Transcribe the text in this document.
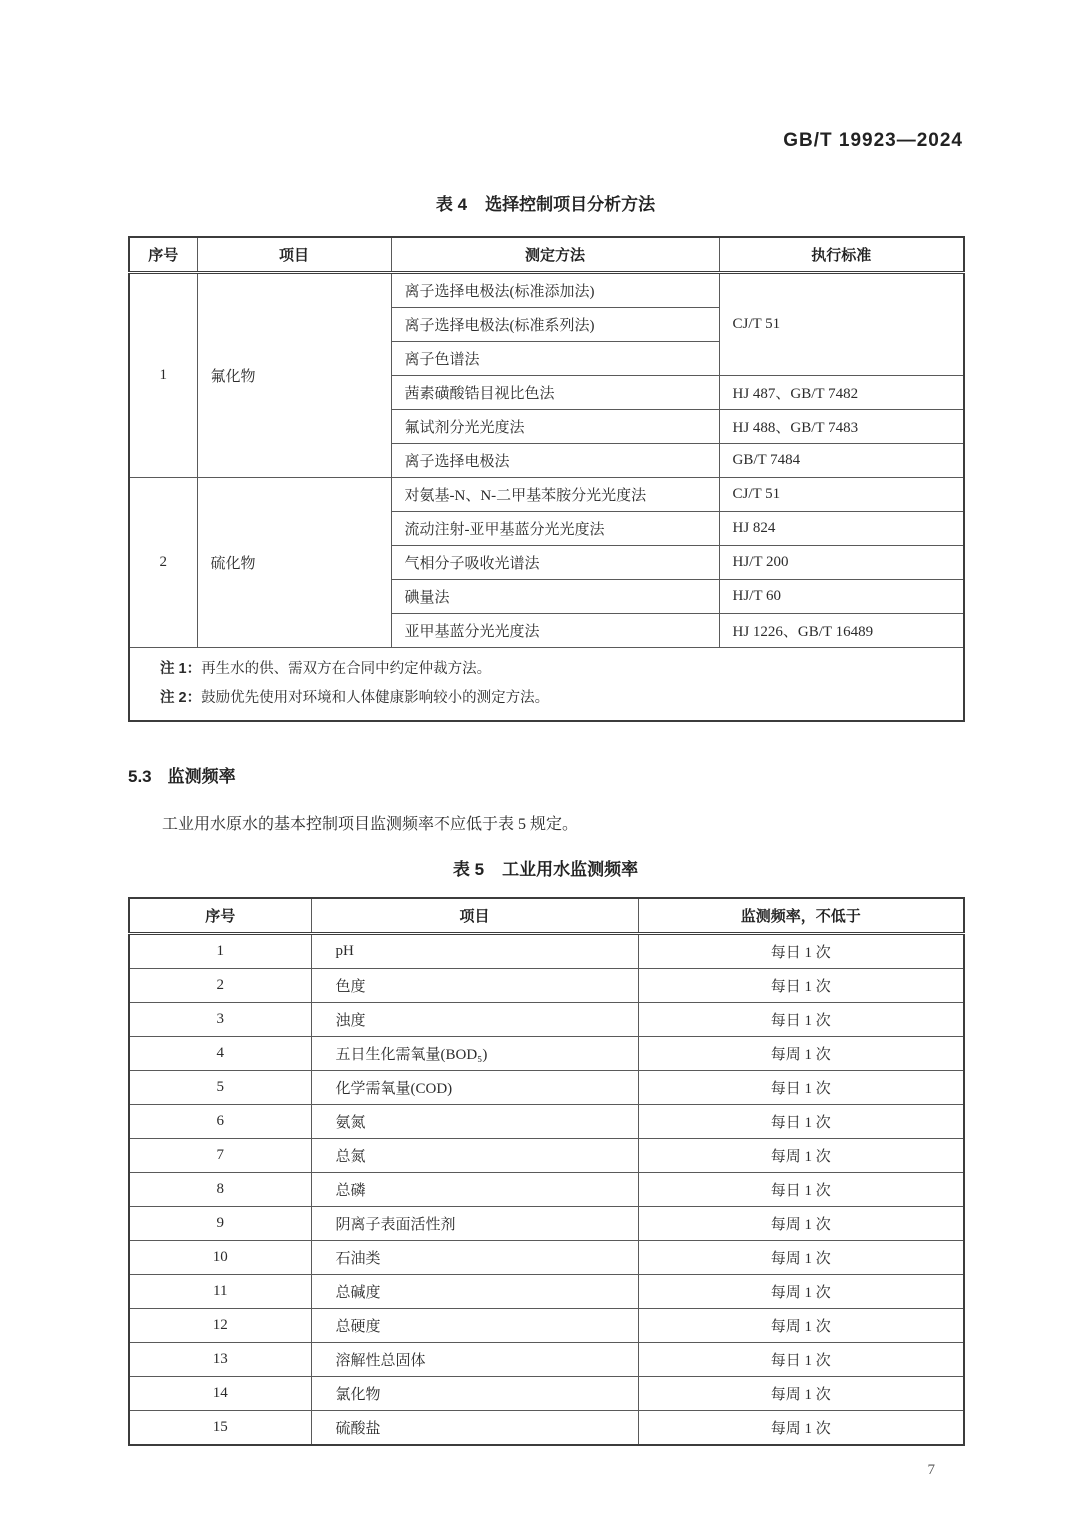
GB/T 19923—2024
表 4 选择控制项目分析方法
序号	项目	测定方法	执行标准
1	氟化物	离子选择电极法(标准添加法)	CJ/T 51
		离子选择电极法(标准系列法)	
		离子色谱法	
		茜素磺酸锆目视比色法	HJ 487、GB/T 7482
		氟试剂分光光度法	HJ 488、GB/T 7483
		离子选择电极法	GB/T 7484
2	硫化物	对氨基-N、N-二甲基苯胺分光光度法	CJ/T 51
		流动注射-亚甲基蓝分光光度法	HJ 824
		气相分子吸收光谱法	HJ/T 200
		碘量法	HJ/T 60
		亚甲基蓝分光光度法	HJ 1226、GB/T 16489

注 1：再生水的供、需双方在合同中约定仲裁方法。
注 2：鼓励优先使用对环境和人体健康影响较小的测定方法。			
5.3 监测频率
工业用水原水的基本控制项目监测频率不应低于表 5 规定。
表 5 工业用水监测频率
序号	项目	监测频率，不低于
1	pH	每日 1 次
2	色度	每日 1 次
3	浊度	每日 1 次
4	五日生化需氧量(BOD₅)	每周 1 次
5	化学需氧量(COD)	每日 1 次
6	氨氮	每日 1 次
7	总氮	每周 1 次
8	总磷	每日 1 次
9	阴离子表面活性剂	每周 1 次
10	石油类	每周 1 次
11	总碱度	每周 1 次
12	总硬度	每周 1 次
13	溶解性总固体	每日 1 次
14	氯化物	每周 1 次
15	硫酸盐	每周 1 次
7
